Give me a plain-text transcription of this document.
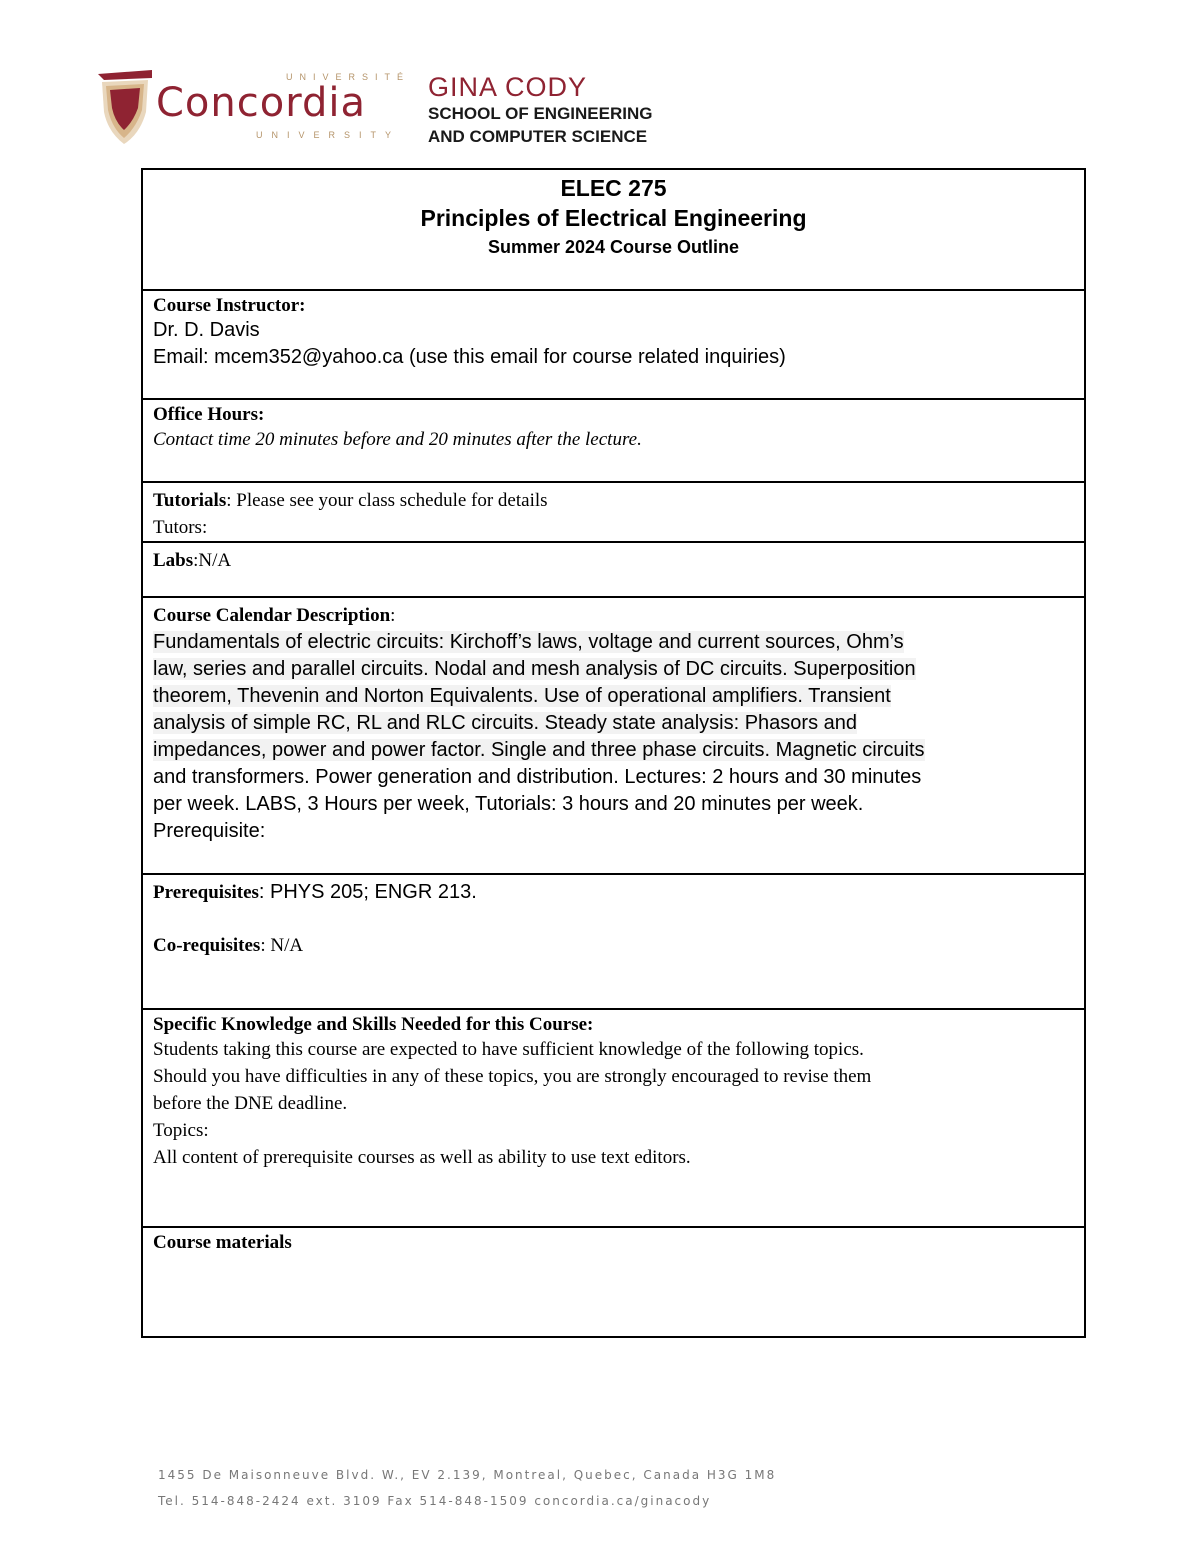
UNIVERSITÉ
Concordia
UNIVERSITY
GINA CODY
SCHOOL OF ENGINEERING
AND COMPUTER SCIENCE
ELEC 275
Principles of Electrical Engineering
Summer 2024 Course Outline

Course Instructor:
Dr. D. Davis
Email: mcem352@yahoo.ca (use this email for course related inquiries)

Office Hours:
Contact time 20 minutes before and 20 minutes after the lecture.

Tutorials: Please see your class schedule for details
Tutors:

Labs:N/A

Course Calendar Description:
Fundamentals of electric circuits: Kirchoff’s laws, voltage and current sources, Ohm’s
law, series and parallel circuits. Nodal and mesh analysis of DC circuits. Superposition
theorem, Thevenin and Norton Equivalents. Use of operational amplifiers. Transient
analysis of simple RC, RL and RLC circuits. Steady state analysis: Phasors and
impedances, power and power factor. Single and three phase circuits. Magnetic circuits
and transformers. Power generation and distribution. Lectures: 2 hours and 30 minutes
per week. LABS, 3 Hours per week, Tutorials: 3 hours and 20 minutes per week.
Prerequisite:

Prerequisites: PHYS 205; ENGR 213.
Co-requisites: N/A

Specific Knowledge and Skills Needed for this Course:
Students taking this course are expected to have sufficient knowledge of the following topics.
Should you have difficulties in any of these topics, you are strongly encouraged to revise them
before the DNE deadline.
Topics:
All content of prerequisite courses as well as ability to use text editors.

Course materials
1455 De Maisonneuve Blvd. W., EV 2.139, Montreal, Quebec, Canada H3G 1M8
Tel. 514-848-2424 ext. 3109 Fax 514-848-1509 concordia.ca/ginacody
